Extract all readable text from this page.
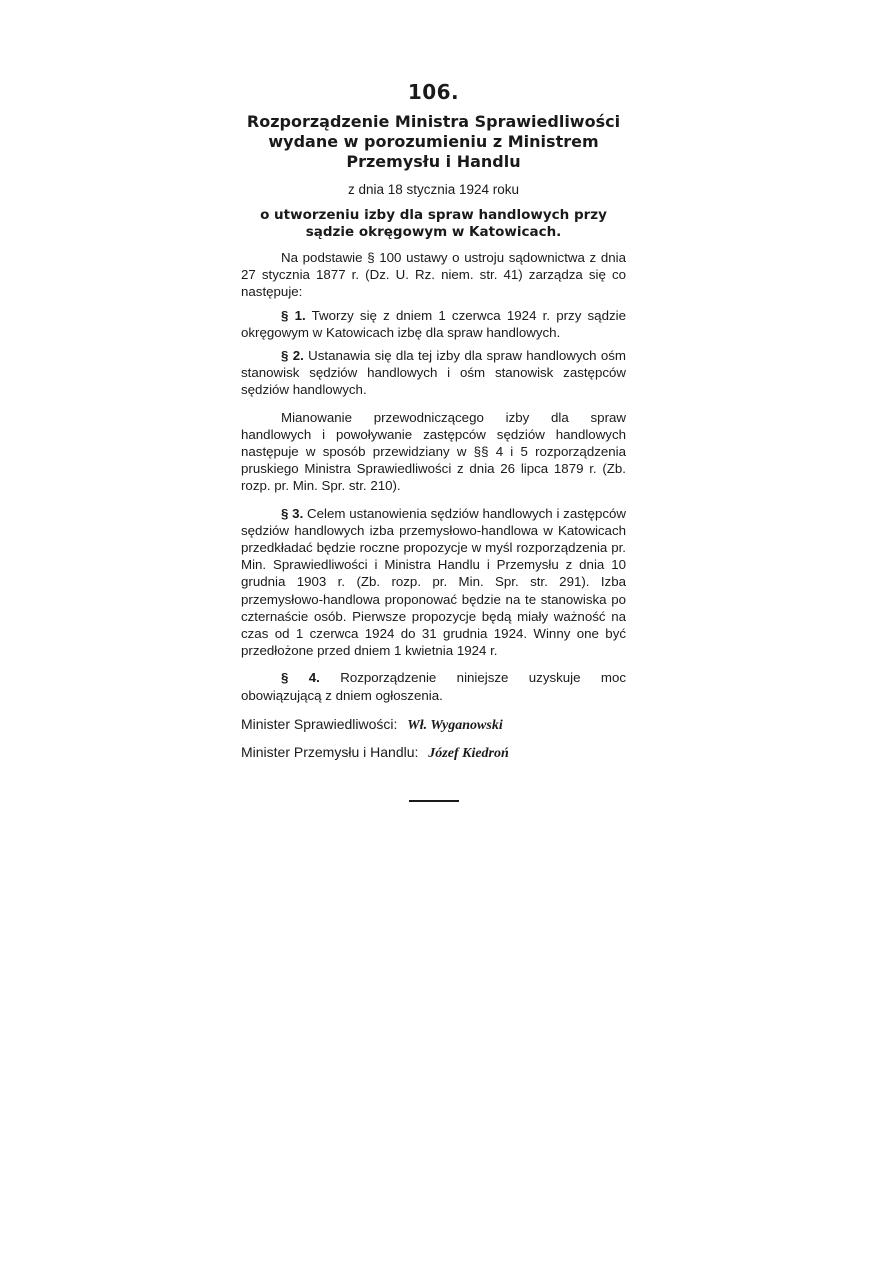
106.
Rozporządzenie Ministra Sprawiedliwości wydane w porozumieniu z Ministrem Przemysłu i Handlu
z dnia 18 stycznia 1924 roku
o utworzeniu izby dla spraw handlowych przy sądzie okręgowym w Katowicach.

Na podstawie § 100 ustawy o ustroju sądownictwa z dnia 27 stycznia 1877 r. (Dz. U. Rz. niem. str. 41) zarządza się co następuje:

§ 1. Tworzy się z dniem 1 czerwca 1924 r. przy sądzie okręgowym w Katowicach izbę dla spraw handlowych.

§ 2. Ustanawia się dla tej izby dla spraw handlowych ośm stanowisk sędziów handlowych i ośm stanowisk zastępców sędziów handlowych.

Mianowanie przewodniczącego izby dla spraw handlowych i powoływanie zastępców sędziów handlowych następuje w sposób przewidziany w §§ 4 i 5 rozporządzenia pruskiego Ministra Sprawiedliwości z dnia 26 lipca 1879 r. (Zb. rozp. pr. Min. Spr. str. 210).

§ 3. Celem ustanowienia sędziów handlowych i zastępców sędziów handlowych izba przemysłowo-handlowa w Katowicach przedkładać będzie roczne propozycje w myśl rozporządzenia pr. Min. Sprawiedliwości i Ministra Handlu i Przemysłu z dnia 10 grudnia 1903 r. (Zb. rozp. pr. Min. Spr. str. 291). Izba przemysłowo-handlowa proponować będzie na te stanowiska po czternaście osób. Pierwsze propozycje będą miały ważność na czas od 1 czerwca 1924 do 31 grudnia 1924. Winny one być przedłożone przed dniem 1 kwietnia 1924 r.

§ 4. Rozporządzenie niniejsze uzyskuje moc obowiązującą z dniem ogłoszenia.

Minister Sprawiedliwości: Wł. Wyganowski
Minister Przemysłu i Handlu: Józef Kiedroń
